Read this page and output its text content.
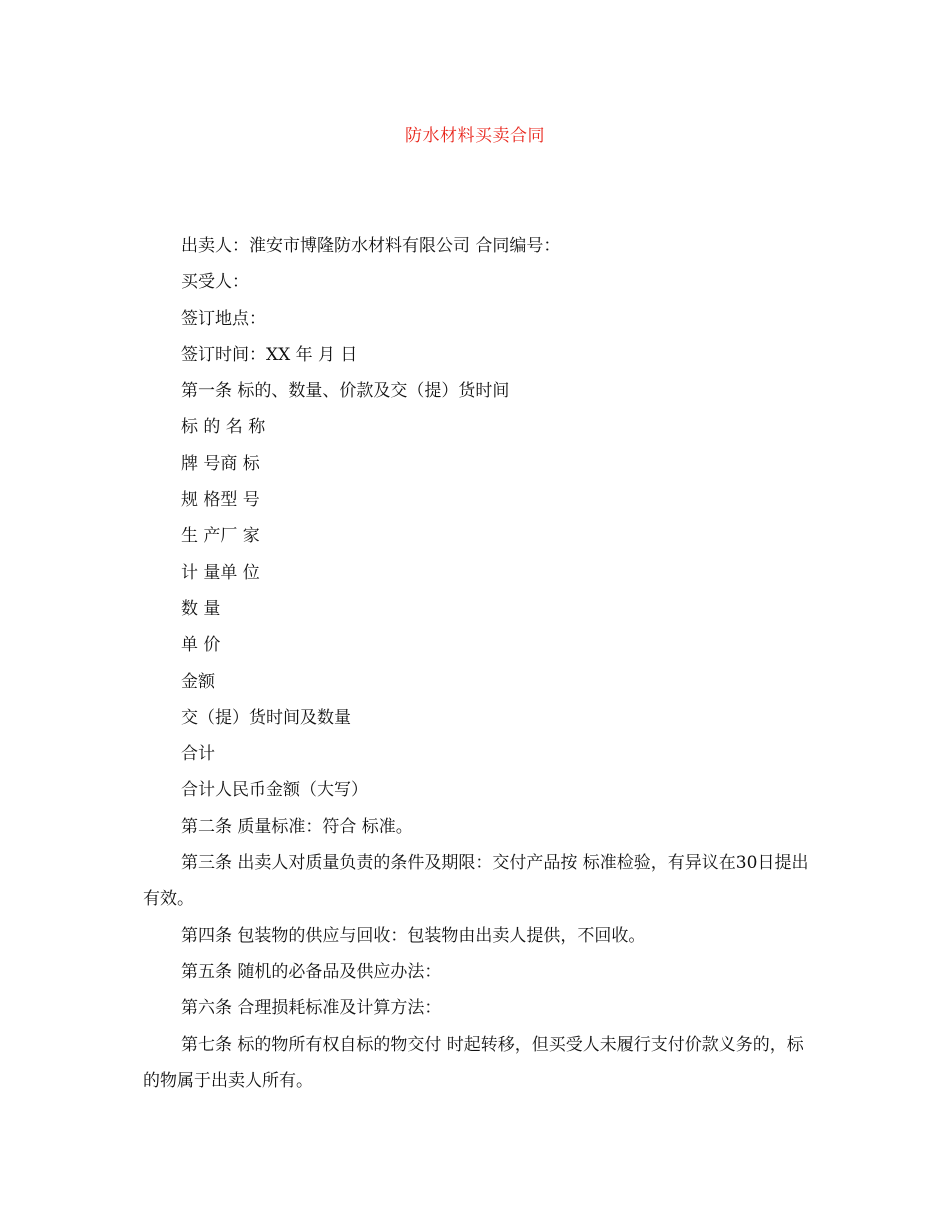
防水材料买卖合同

出卖人：淮安市博隆防水材料有限公司 合同编号：

买受人：

签订地点：

签订时间：XX 年 月 日

第一条 标的、数量、价款及交（提）货时间

标 的 名 称

牌 号商 标

规 格型 号

生 产厂 家

计 量单 位

数 量

单 价

金额

交（提）货时间及数量

合计

合计人民币金额（大写）

第二条 质量标准：符合 标准。

第三条 出卖人对质量负责的条件及期限：交付产品按 标准检验，有异议在30日提出有效。

第四条 包装物的供应与回收：包装物由出卖人提供，不回收。

第五条 随机的必备品及供应办法：

第六条 合理损耗标准及计算方法：

第七条 标的物所有权自标的物交付 时起转移，但买受人未履行支付价款义务的，标的物属于出卖人所有。
